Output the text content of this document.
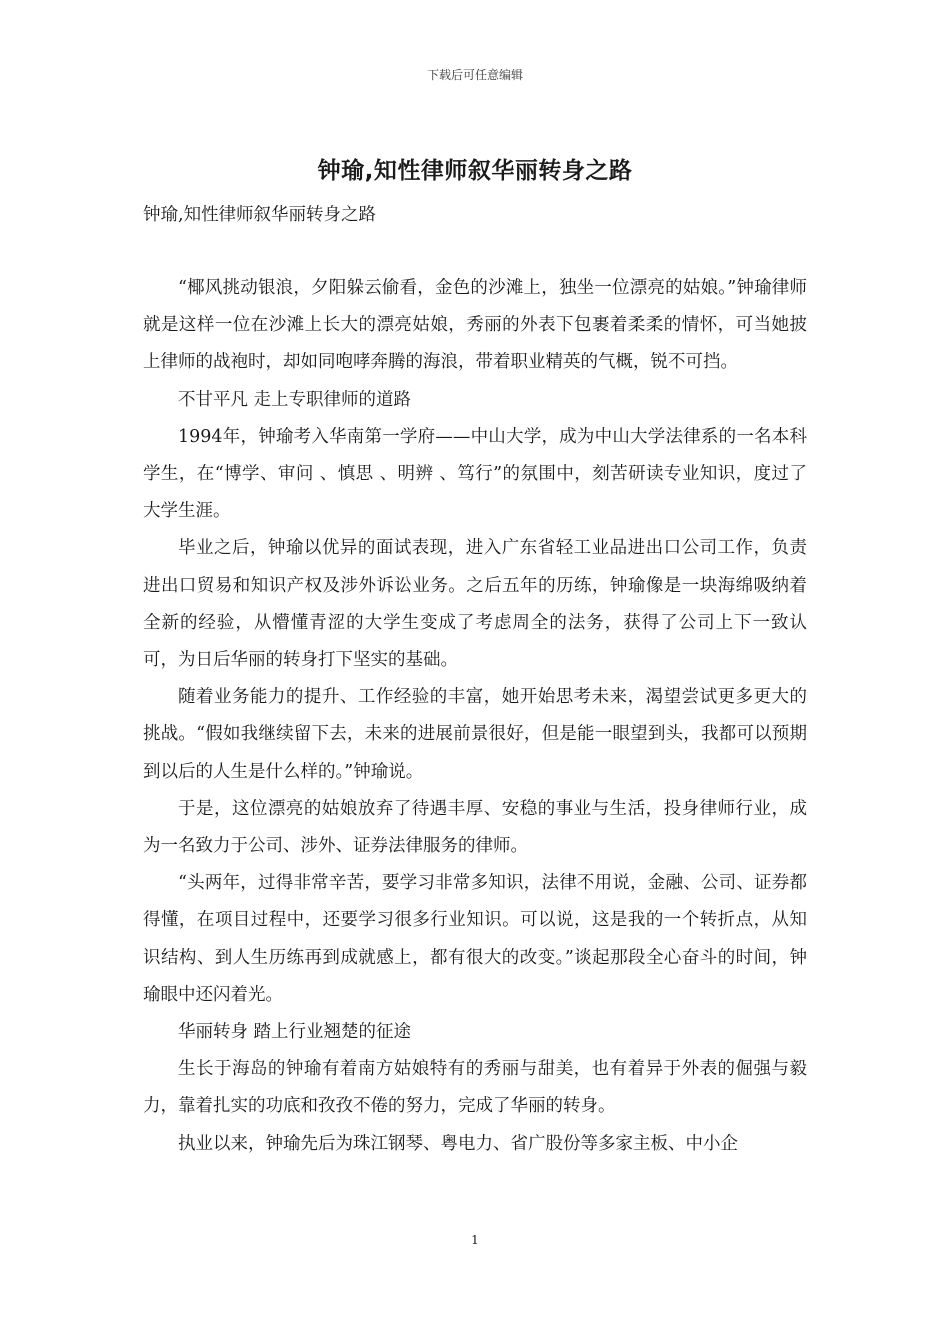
下载后可任意编辑
钟瑜,知性律师叙华丽转身之路
钟瑜,知性律师叙华丽转身之路

“椰风挑动银浪，夕阳躲云偷看，金色的沙滩上，独坐一位漂亮的姑娘。”钟瑜律师就是这样一位在沙滩上长大的漂亮姑娘，秀丽的外表下包裹着柔柔的情怀，可当她披上律师的战袍时，却如同咆哮奔腾的海浪，带着职业精英的气概，锐不可挡。

不甘平凡 走上专职律师的道路

1994年，钟瑜考入华南第一学府——中山大学，成为中山大学法律系的一名本科学生，在“博学、审问 、慎思 、明辨 、笃行”的氛围中，刻苦研读专业知识，度过了大学生涯。

毕业之后，钟瑜以优异的面试表现，进入广东省轻工业品进出口公司工作，负责进出口贸易和知识产权及涉外诉讼业务。之后五年的历练，钟瑜像是一块海绵吸纳着全新的经验，从懵懂青涩的大学生变成了考虑周全的法务，获得了公司上下一致认可，为日后华丽的转身打下坚实的基础。

随着业务能力的提升、工作经验的丰富，她开始思考未来，渴望尝试更多更大的挑战。“假如我继续留下去，未来的进展前景很好，但是能一眼望到头，我都可以预期到以后的人生是什么样的。”钟瑜说。

于是，这位漂亮的姑娘放弃了待遇丰厚、安稳的事业与生活，投身律师行业，成为一名致力于公司、涉外、证券法律服务的律师。

“头两年，过得非常辛苦，要学习非常多知识，法律不用说，金融、公司、证券都得懂，在项目过程中，还要学习很多行业知识。可以说，这是我的一个转折点，从知识结构、到人生历练再到成就感上，都有很大的改变。”谈起那段全心奋斗的时间，钟瑜眼中还闪着光。

华丽转身 踏上行业翘楚的征途

生长于海岛的钟瑜有着南方姑娘特有的秀丽与甜美，也有着异于外表的倔强与毅力，靠着扎实的功底和孜孜不倦的努力，完成了华丽的转身。

执业以来，钟瑜先后为珠江钢琴、粤电力、省广股份等多家主板、中小企

1
